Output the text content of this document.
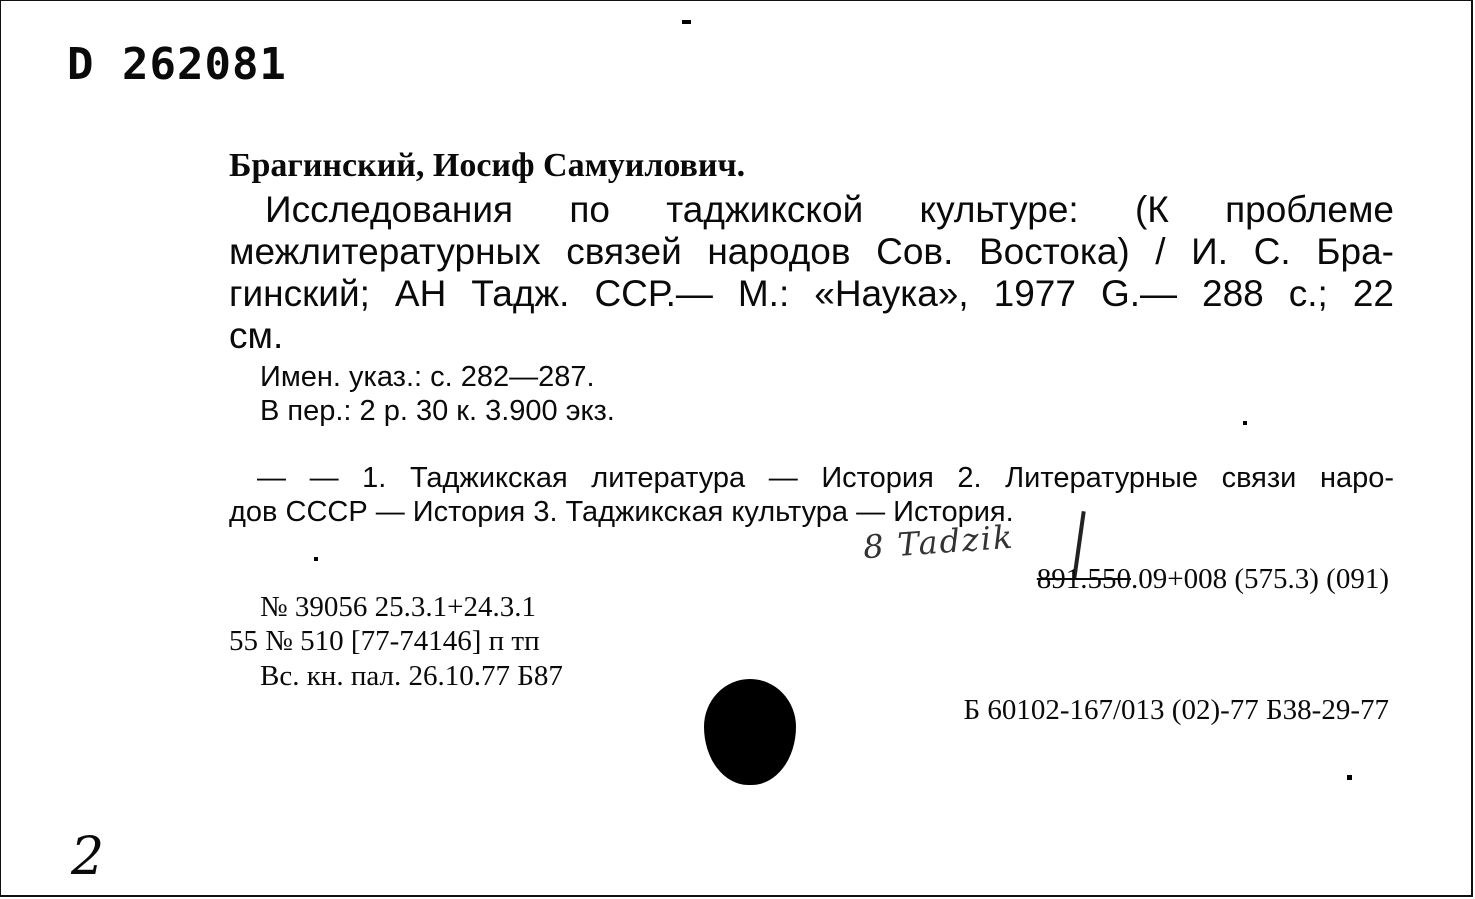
D 262081
Брагинский, Иосиф Самуилович.
Исследования по таджикской культуре: (К проблеме
межлитературных связей народов Сов. Востока) / И. С. Бра-
гинский; АН Тадж. ССР.— М.: «Наука», 1977 G.— 288 с.; 22
см.
Имен. указ.: с. 282—287.
В пер.: 2 р. 30 к. 3.900 экз.
— — 1. Таджикская литература — История 2. Литературные связи наро-
дов СССР — История 3. Таджикская культура — История.
8 Tadzik
891.550.09+008 (575.3) (091)
№ 39056 25.3.1+24.3.1
55 № 510 [77-74146] п тп
Вс. кн. пал. 26.10.77 Б87
Б 60102-167/013 (02)-77 Б38-29-77
2
